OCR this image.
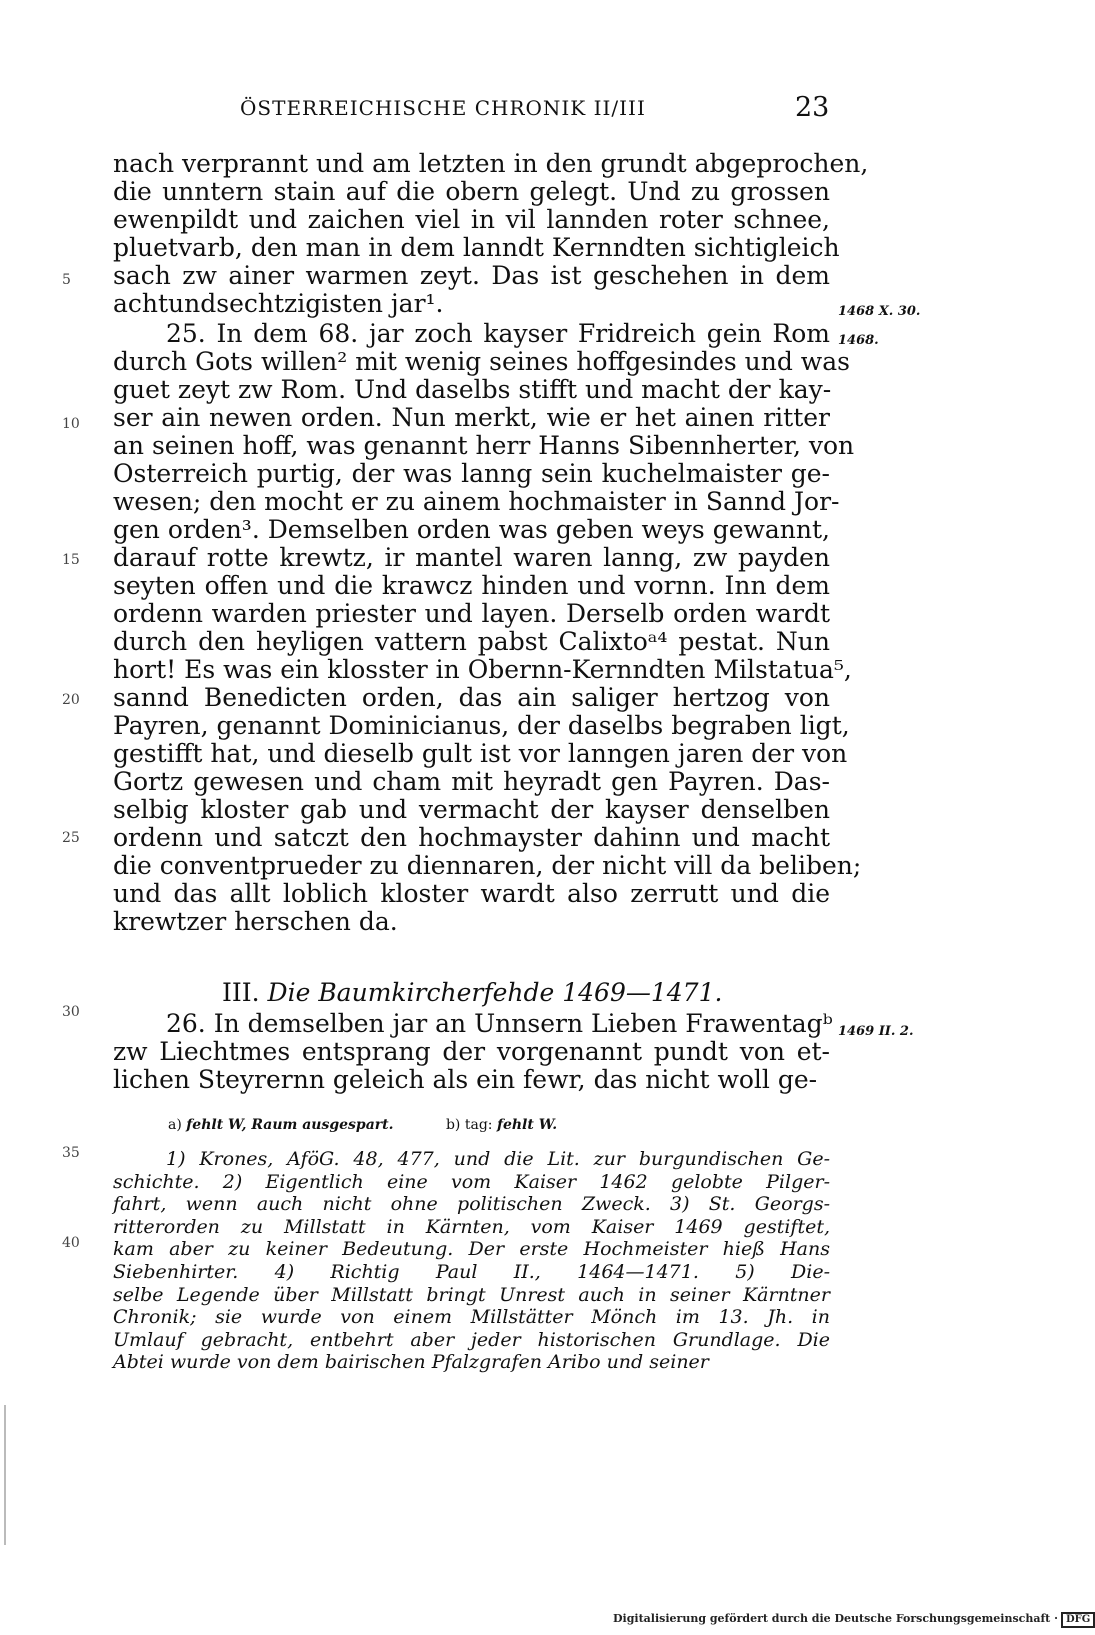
ÖSTERREICHISCHE CHRONIK II/III	23
nach verprannt und am letzten in den grundt abgeprochen,
die unntern stain auf die obern gelegt. Und zu grossen
ewenpildt und zaichen viel in vil lannden roter schnee,
pluetvarb, den man in dem lanndt Kernndten sichtigleich
sach zw ainer warmen zeyt. Das ist geschehen in dem
achtundsechtzigisten jar¹.
25. In dem 68. jar zoch kayser Fridreich gein Rom
durch Gots willen² mit wenig seines hoffgesindes und was
guet zeyt zw Rom. Und daselbs stifft und macht der kay-
ser ain newen orden. Nun merkt, wie er het ainen ritter
an seinen hoff, was genannt herr Hanns Sibennherter, von
Osterreich purtig, der was lanng sein kuchelmaister ge-
wesen; den mocht er zu ainem hochmaister in Sannd Jor-
gen orden³. Demselben orden was geben weys gewannt,
darauf rotte krewtz, ir mantel waren lanng, zw payden
seyten offen und die krawcz hinden und vornn. Inn dem
ordenn warden priester und layen. Derselb orden wardt
durch den heyligen vattern pabst Calixtoᵃ⁴ pestat. Nun
hort! Es was ein klosster in Obernn-Kernndten Milstatua⁵,
sannd Benedicten orden, das ain saliger hertzog von
Payren, genannt Dominicianus, der daselbs begraben ligt,
gestifft hat, und dieselb gult ist vor lanngen jaren der von
Gortz gewesen und cham mit heyradt gen Payren. Das-
selbig kloster gab und vermacht der kayser denselben
ordenn und satczt den hochmayster dahinn und macht
die conventprueder zu diennaren, der nicht vill da beliben;
und das allt loblich kloster wardt also zerrutt und die
krewtzer herschen da.
26. In demselben jar an Unnsern Lieben Frawentagᵇ
zw Liechtmes entsprang der vorgenannt pundt von et-
lichen Steyrernn geleich als ein fewr, das nicht woll ge-
5
10
15
20
25
30
35
40
1468 X. 30.
1468.
1469 II. 2.
III. Die Baumkircherfehde 1469—1471.
a) fehlt W, Raum ausgespart.	b) tag: fehlt W.
1) Krones, AföG. 48, 477, und die Lit. zur burgundischen Ge-
schichte. 2) Eigentlich eine vom Kaiser 1462 gelobte Pilger-
fahrt, wenn auch nicht ohne politischen Zweck. 3) St. Georgs-
ritterorden zu Millstatt in Kärnten, vom Kaiser 1469 gestiftet,
kam aber zu keiner Bedeutung. Der erste Hochmeister hieß Hans
Siebenhirter. 4) Richtig Paul II., 1464—1471. 5) Die-
selbe Legende über Millstatt bringt Unrest auch in seiner Kärntner
Chronik; sie wurde von einem Millstätter Mönch im 13. Jh. in
Umlauf gebracht, entbehrt aber jeder historischen Grundlage. Die
Abtei wurde von dem bairischen Pfalzgrafen Aribo und seiner
Digitalisierung gefördert durch die Deutsche Forschungsgemeinschaft · DFG
